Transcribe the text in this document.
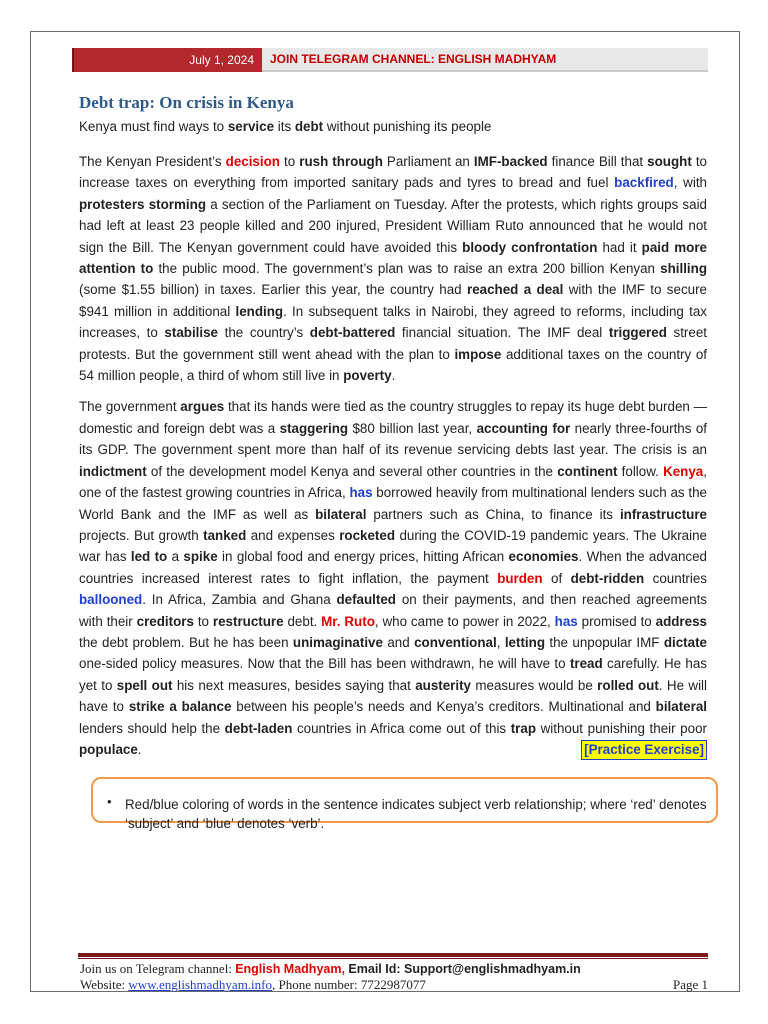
July 1, 2024	JOIN TELEGRAM CHANNEL: ENGLISH MADHYAM
Debt trap: On crisis in Kenya
Kenya must find ways to service its debt without punishing its people

The Kenyan President’s decision to rush through Parliament an IMF-backed finance Bill that sought to increase taxes on everything from imported sanitary pads and tyres to bread and fuel backfired, with protesters storming a section of the Parliament on Tuesday. After the protests, which rights groups said had left at least 23 people killed and 200 injured, President William Ruto announced that he would not sign the Bill. The Kenyan government could have avoided this bloody confrontation had it paid more attention to the public mood. The government’s plan was to raise an extra 200 billion Kenyan shilling (some $1.55 billion) in taxes. Earlier this year, the country had reached a deal with the IMF to secure $941 million in additional lending. In subsequent talks in Nairobi, they agreed to reforms, including tax increases, to stabilise the country’s debt-battered financial situation. The IMF deal triggered street protests. But the government still went ahead with the plan to impose additional taxes on the country of 54 million people, a third of whom still live in poverty.

The government argues that its hands were tied as the country struggles to repay its huge debt burden — domestic and foreign debt was a staggering $80 billion last year, accounting for nearly three-fourths of its GDP. The government spent more than half of its revenue servicing debts last year. The crisis is an indictment of the development model Kenya and several other countries in the continent follow. Kenya, one of the fastest growing countries in Africa, has borrowed heavily from multinational lenders such as the World Bank and the IMF as well as bilateral partners such as China, to finance its infrastructure projects. But growth tanked and expenses rocketed during the COVID-19 pandemic years. The Ukraine war has led to a spike in global food and energy prices, hitting African economies. When the advanced countries increased interest rates to fight inflation, the payment burden of debt-ridden countries ballooned. In Africa, Zambia and Ghana defaulted on their payments, and then reached agreements with their creditors to restructure debt. Mr. Ruto, who came to power in 2022, has promised to address the debt problem. But he has been unimaginative and conventional, letting the unpopular IMF dictate one-sided policy measures. Now that the Bill has been withdrawn, he will have to tread carefully. He has yet to spell out his next measures, besides saying that austerity measures would be rolled out. He will have to strike a balance between his people’s needs and Kenya’s creditors. Multinational and bilateral lenders should help the debt-laden countries in Africa come out of this trap without punishing their poor populace.	[Practice Exercise]

• Red/blue coloring of words in the sentence indicates subject verb relationship; where ‘red’ denotes ‘subject’ and ‘blue’ denotes ‘verb’.
Join us on Telegram channel: English Madhyam, Email Id: Support@englishmadhyam.in
Website: www.englishmadhyam.info, Phone number: 7722987077	Page 1
